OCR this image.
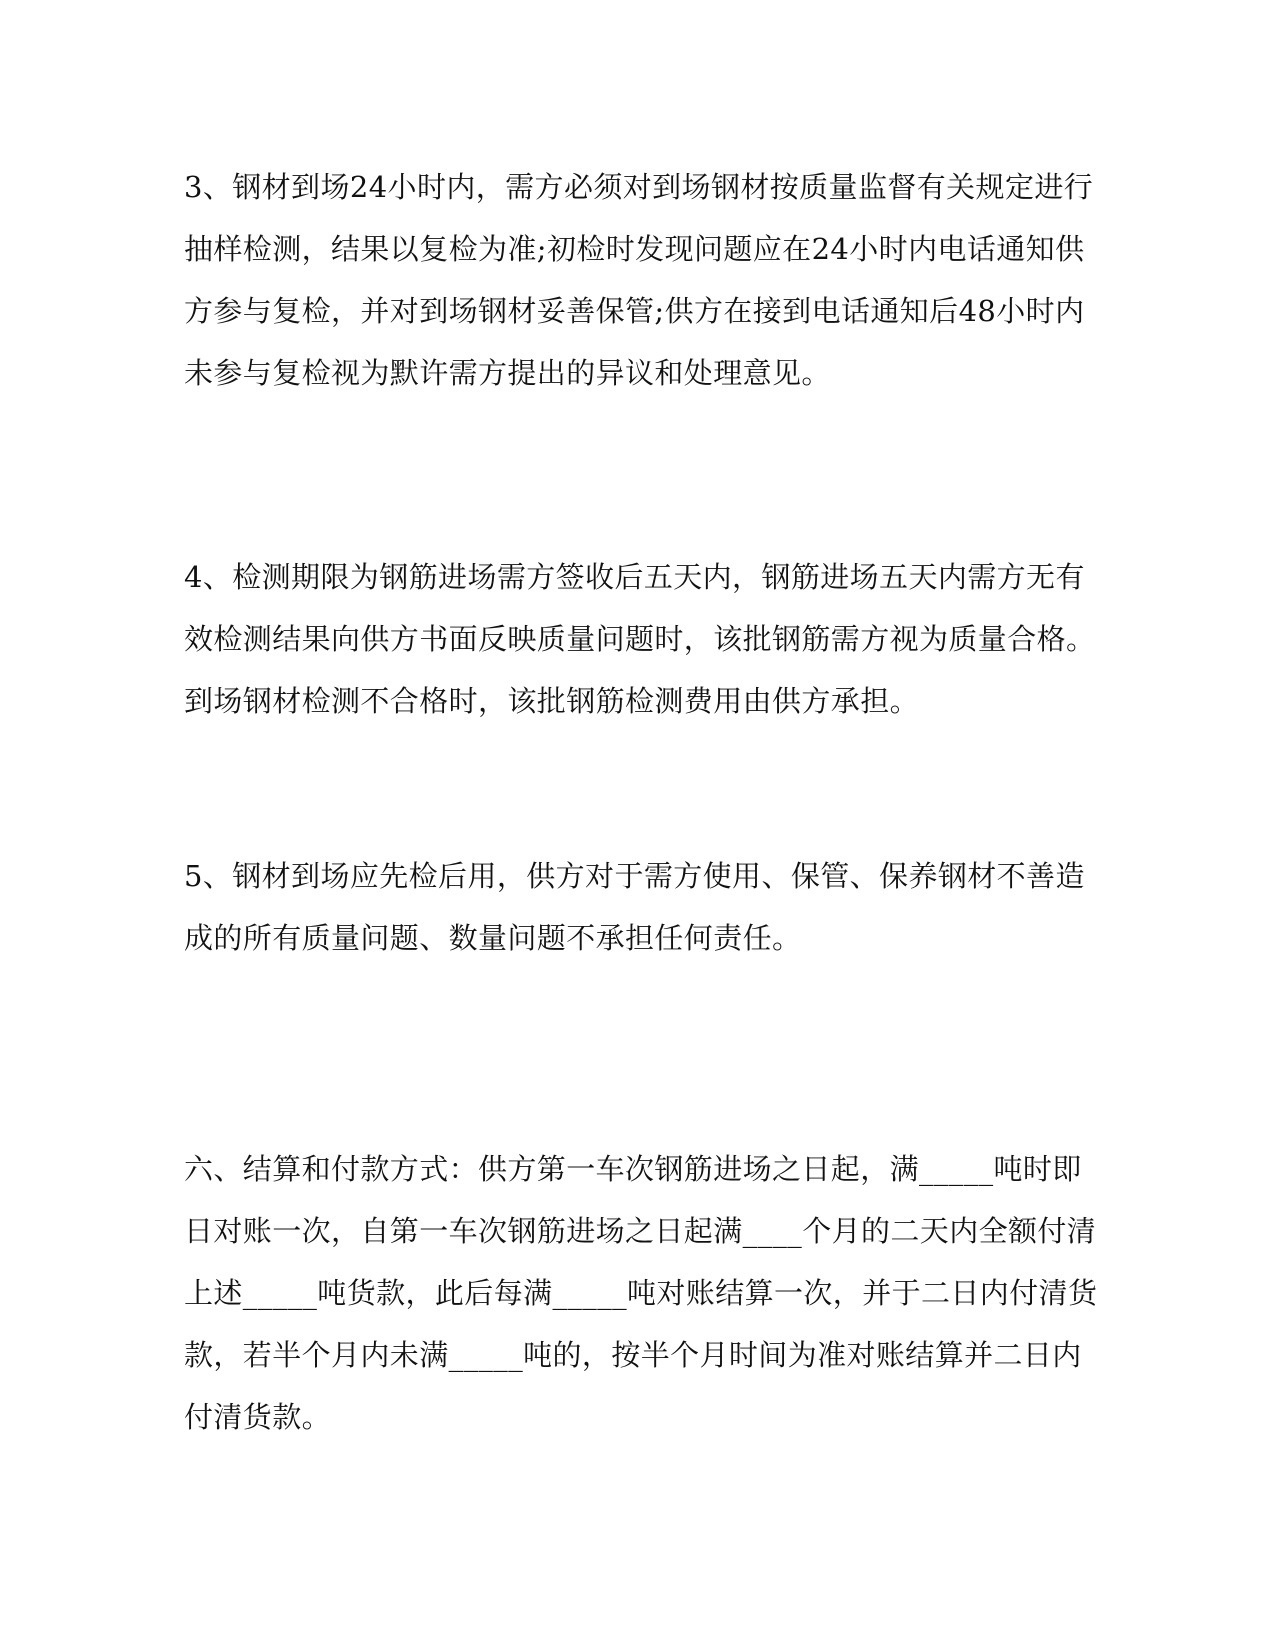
3、钢材到场24小时内，需方必须对到场钢材按质量监督有关规定进行
抽样检测，结果以复检为准;初检时发现问题应在24小时内电话通知供
方参与复检，并对到场钢材妥善保管;供方在接到电话通知后48小时内
未参与复检视为默许需方提出的异议和处理意见。
4、检测期限为钢筋进场需方签收后五天内，钢筋进场五天内需方无有
效检测结果向供方书面反映质量问题时，该批钢筋需方视为质量合格。
到场钢材检测不合格时，该批钢筋检测费用由供方承担。
5、钢材到场应先检后用，供方对于需方使用、保管、保养钢材不善造
成的所有质量问题、数量问题不承担任何责任。
六、结算和付款方式：供方第一车次钢筋进场之日起，满_____吨时即
日对账一次，自第一车次钢筋进场之日起满____个月的二天内全额付清
上述_____吨货款，此后每满_____吨对账结算一次，并于二日内付清货
款，若半个月内未满_____吨的，按半个月时间为准对账结算并二日内
付清货款。
